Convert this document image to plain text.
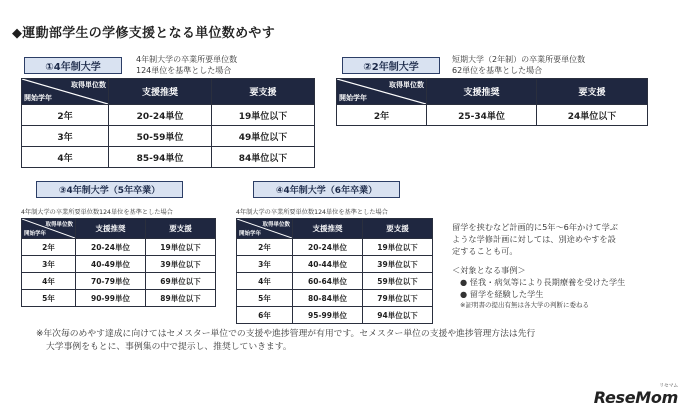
◆運動部学生の学修支援となる単位数めやす
①4年制大学
4年制大学の卒業所要単位数
124単位を基準とした場合
取得単位数
開始学年	支援推奨	要支援
2年	20-24単位	19単位以下
3年	50-59単位	49単位以下
4年	85-94単位	84単位以下
②2年制大学
短期大学（2年制）の卒業所要単位数
62単位を基準とした場合
取得単位数
開始学年	支援推奨	要支援
2年	25-34単位	24単位以下
③4年制大学（5年卒業）
4年制大学の卒業所要単位数124単位を基準とした場合
取得単位数
開始学年	支援推奨	要支援
2年	20-24単位	19単位以下
3年	40-49単位	39単位以下
4年	70-79単位	69単位以下
5年	90-99単位	89単位以下
④4年制大学（6年卒業）
4年制大学の卒業所要単位数124単位を基準とした場合
取得単位数
開始学年	支援推奨	要支援
2年	20-24単位	19単位以下
3年	40-44単位	39単位以下
4年	60-64単位	59単位以下
5年	80-84単位	79単位以下
6年	95-99単位	94単位以下
留学を挟むなど計画的に5年〜6年かけて学ぶ
ような学修計画に対しては、別途めやすを設
定することも可。
＜対象となる事例＞
● 怪我・病気等により長期療養を受けた学生
● 留学を経験した学生
※証明書の提出有無は各大学の判断に委ねる
※年次毎のめやす達成に向けてはセメスター単位での支援や進捗管理が有用です。セメスター単位の支援や進捗管理方法は先行
大学事例をもとに、事例集の中で提示し、推奨していきます。
リセマム
ReseMom
